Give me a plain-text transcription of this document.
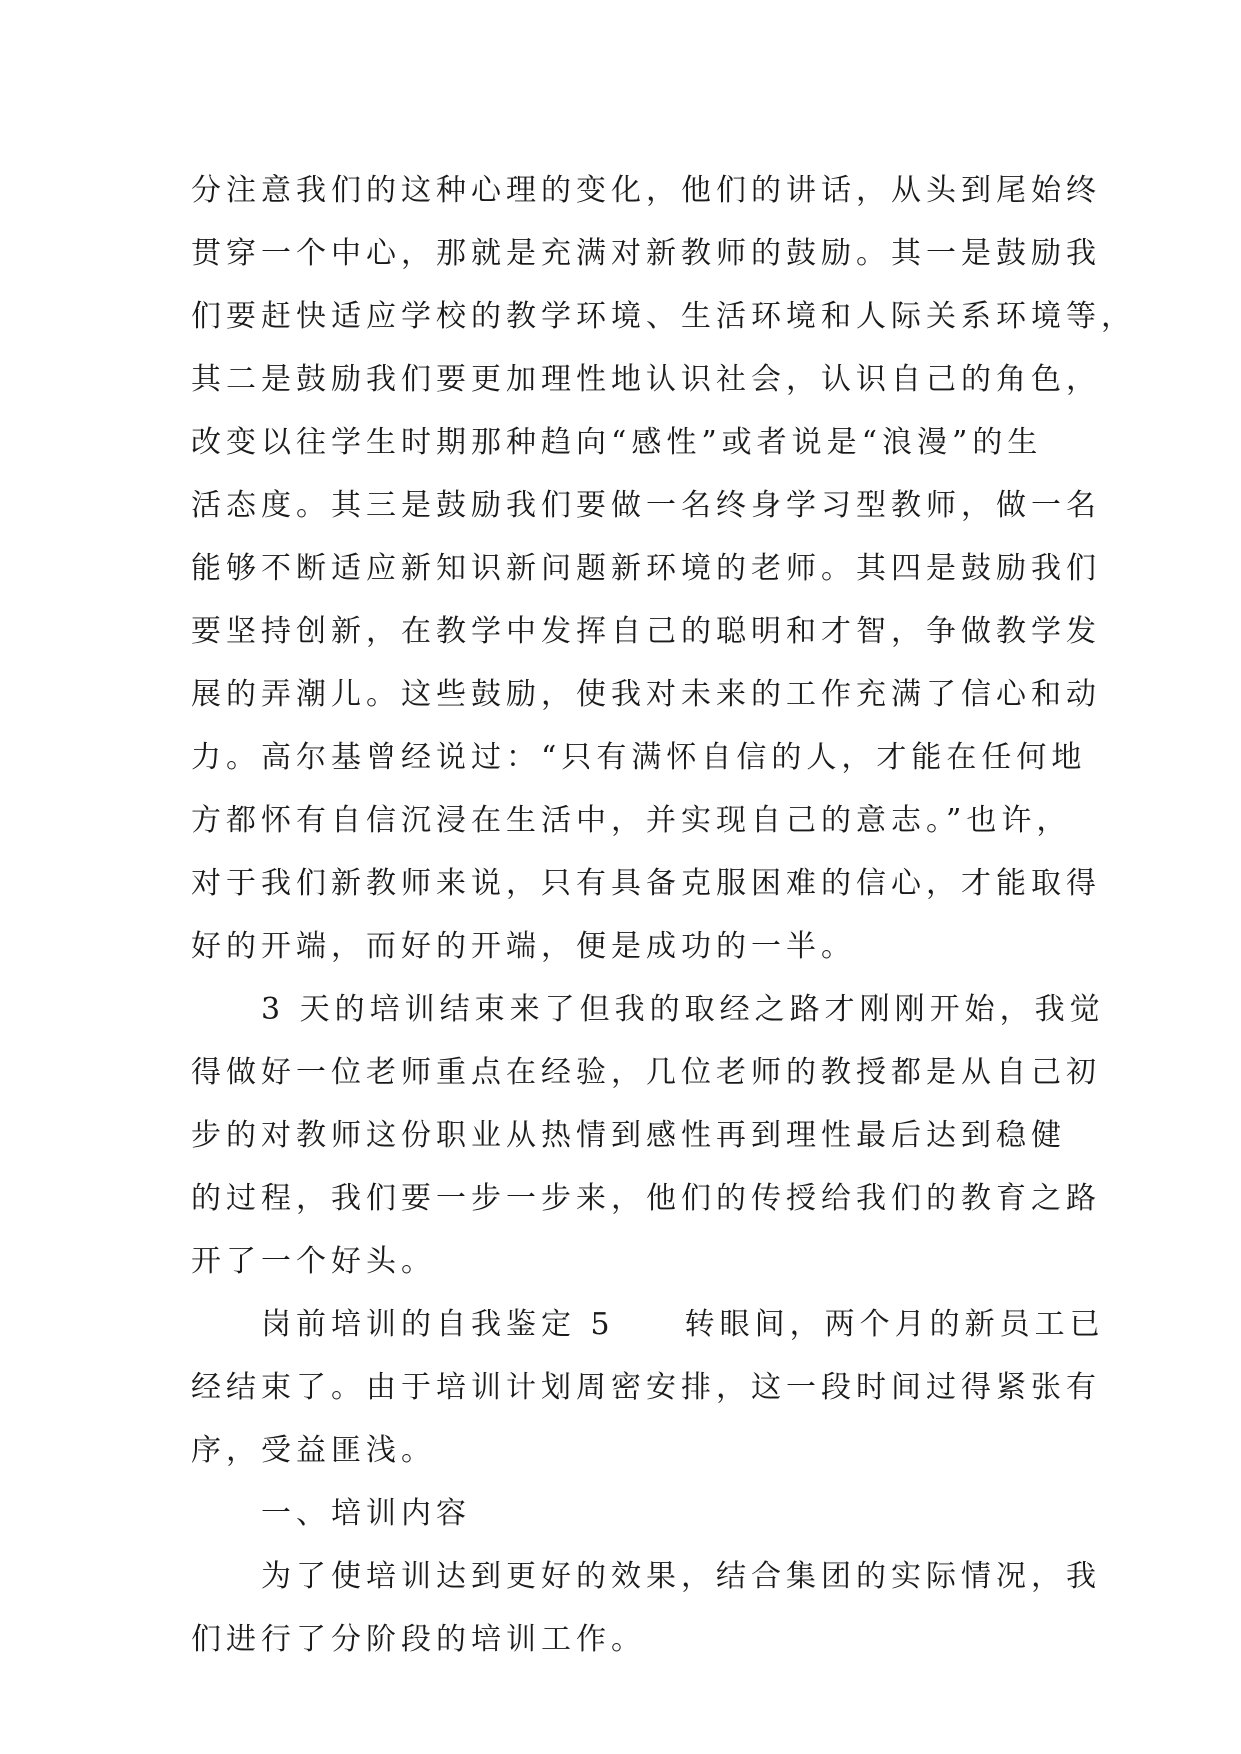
分注意我们的这种心理的变化，他们的讲话，从头到尾始终
贯穿一个中心，那就是充满对新教师的鼓励。其一是鼓励我
们要赶快适应学校的教学环境、生活环境和人际关系环境等，
其二是鼓励我们要更加理性地认识社会，认识自己的角色，
改变以往学生时期那种趋向“感性”或者说是“浪漫”的生
活态度。其三是鼓励我们要做一名终身学习型教师，做一名
能够不断适应新知识新问题新环境的老师。其四是鼓励我们
要坚持创新，在教学中发挥自己的聪明和才智，争做教学发
展的弄潮儿。这些鼓励，使我对未来的工作充满了信心和动
力。高尔基曾经说过：“只有满怀自信的人，才能在任何地
方都怀有自信沉浸在生活中，并实现自己的意志。”也许，
对于我们新教师来说，只有具备克服困难的信心，才能取得
好的开端，而好的开端，便是成功的一半。
　　3 天的培训结束来了但我的取经之路才刚刚开始，我觉
得做好一位老师重点在经验，几位老师的教授都是从自己初
步的对教师这份职业从热情到感性再到理性最后达到稳健
的过程，我们要一步一步来，他们的传授给我们的教育之路
开了一个好头。
　　岗前培训的自我鉴定 5　　转眼间，两个月的新员工已
经结束了。由于培训计划周密安排，这一段时间过得紧张有
序，受益匪浅。
　　一、培训内容
　　为了使培训达到更好的效果，结合集团的实际情况，我
们进行了分阶段的培训工作。
